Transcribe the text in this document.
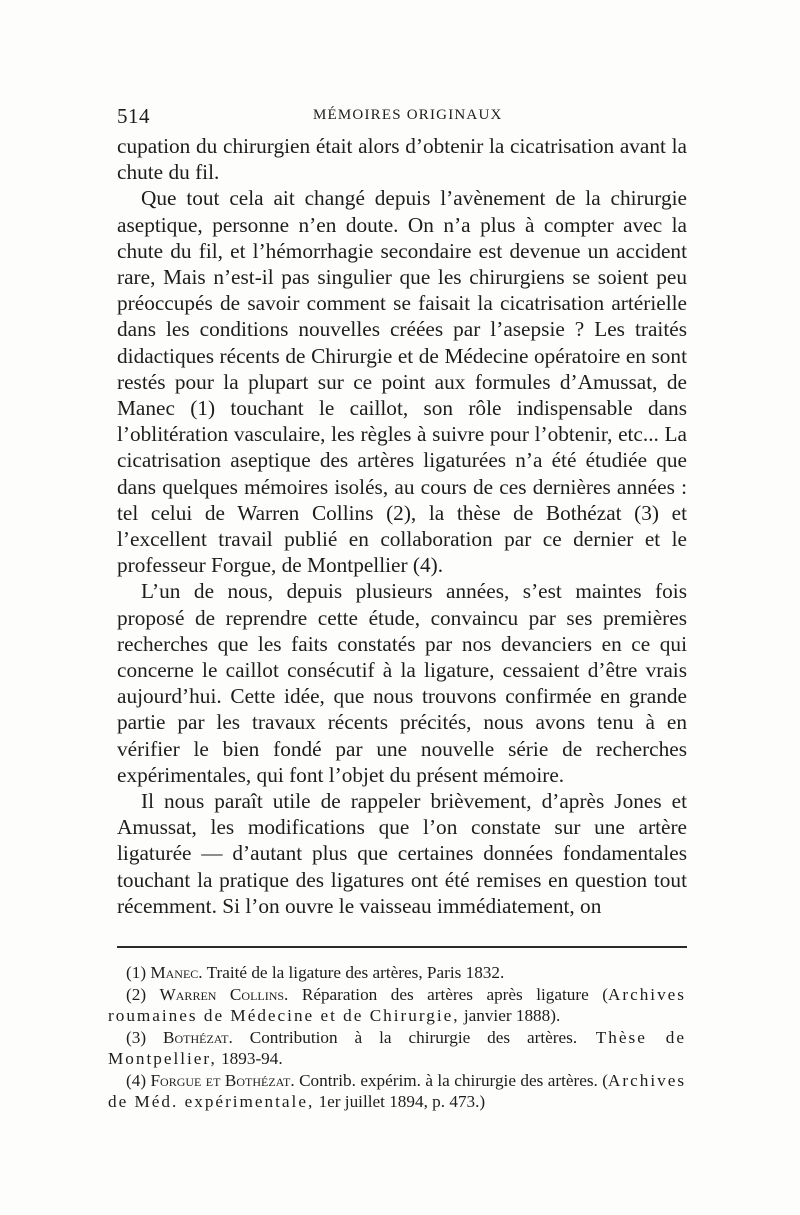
514	MÉMOIRES ORIGINAUX

cupation du chirurgien était alors d’obtenir la cicatrisation avant la chute du fil.

Que tout cela ait changé depuis l’avènement de la chirurgie aseptique, personne n’en doute. On n’a plus à compter avec la chute du fil, et l’hémorrhagie secondaire est devenue un accident rare, Mais n’est-il pas singulier que les chirurgiens se soient peu préoccupés de savoir comment se faisait la cicatrisation artérielle dans les conditions nouvelles créées par l’asepsie ? Les traités didactiques récents de Chirurgie et de Médecine opératoire en sont restés pour la plupart sur ce point aux formules d’Amussat, de Manec (1) touchant le caillot, son rôle indispensable dans l’oblitération vasculaire, les règles à suivre pour l’obtenir, etc... La cicatrisation aseptique des artères ligaturées n’a été étudiée que dans quelques mémoires isolés, au cours de ces dernières années : tel celui de Warren Collins (2), la thèse de Bothézat (3) et l’excellent travail publié en collaboration par ce dernier et le professeur Forgue, de Montpellier (4).

L’un de nous, depuis plusieurs années, s’est maintes fois proposé de reprendre cette étude, convaincu par ses premières recherches que les faits constatés par nos devanciers en ce qui concerne le caillot consécutif à la ligature, cessaient d’être vrais aujourd’hui. Cette idée, que nous trouvons confirmée en grande partie par les travaux récents précités, nous avons tenu à en vérifier le bien fondé par une nouvelle série de recherches expérimentales, qui font l’objet du présent mémoire.

Il nous paraît utile de rappeler brièvement, d’après Jones et Amussat, les modifications que l’on constate sur une artère ligaturée — d’autant plus que certaines données fondamentales touchant la pratique des ligatures ont été remises en question tout récemment. Si l’on ouvre le vaisseau immédiatement, on

(1) Manec. Traité de la ligature des artères, Paris 1832.

(2) Warren Collins. Réparation des artères après ligature (Archives roumaines de Médecine et de Chirurgie, janvier 1888).

(3) Bothézat. Contribution à la chirurgie des artères. Thèse de Montpellier, 1893-94.

(4) Forgue et Bothézat. Contrib. expérim. à la chirurgie des artères. (Archives de Méd. expérimentale, 1er juillet 1894, p. 473.)
